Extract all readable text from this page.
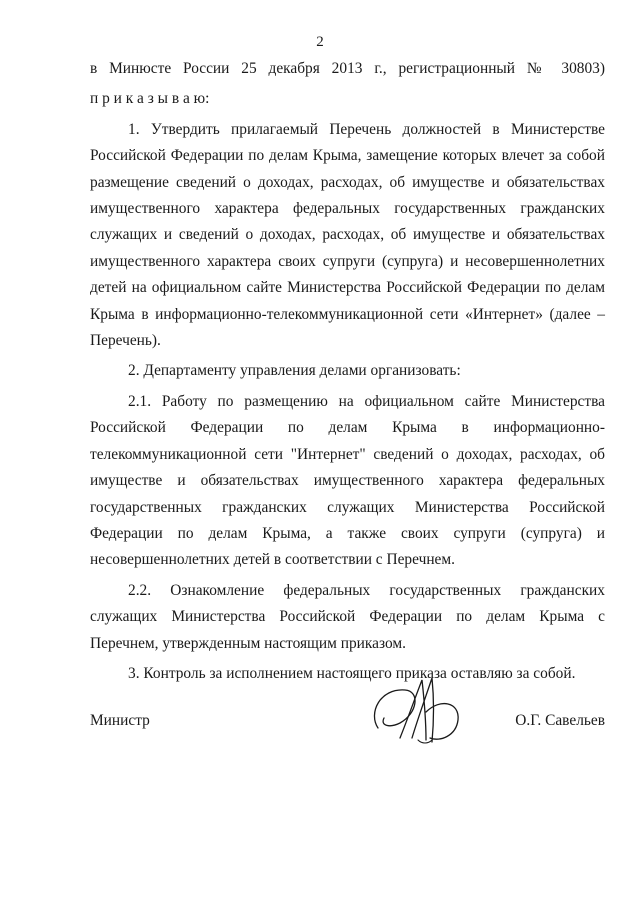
2

в Минюсте России 25 декабря 2013 г., регистрационный № 30803)

п р и к а з ы в а ю:

1. Утвердить прилагаемый Перечень должностей в Министерстве Российской Федерации по делам Крыма, замещение которых влечет за собой размещение сведений о доходах, расходах, об имуществе и обязательствах имущественного характера федеральных государственных гражданских служащих и сведений о доходах, расходах, об имуществе и обязательствах имущественного характера своих супруги (супруга) и несовершеннолетних детей на официальном сайте Министерства Российской Федерации по делам Крыма в информационно-телекоммуникационной сети «Интернет» (далее – Перечень).

2. Департаменту управления делами организовать:

2.1. Работу по размещению на официальном сайте Министерства Российской Федерации по делам Крыма в информационно-телекоммуникационной сети "Интернет" сведений о доходах, расходах, об имуществе и обязательствах имущественного характера федеральных государственных гражданских служащих Министерства Российской Федерации по делам Крыма, а также своих супруги (супруга) и несовершеннолетних детей в соответствии с Перечнем.

2.2. Ознакомление федеральных государственных гражданских служащих Министерства Российской Федерации по делам Крыма с Перечнем, утвержденным настоящим приказом.

3. Контроль за исполнением настоящего приказа оставляю за собой.

Министр	О.Г. Савельев
